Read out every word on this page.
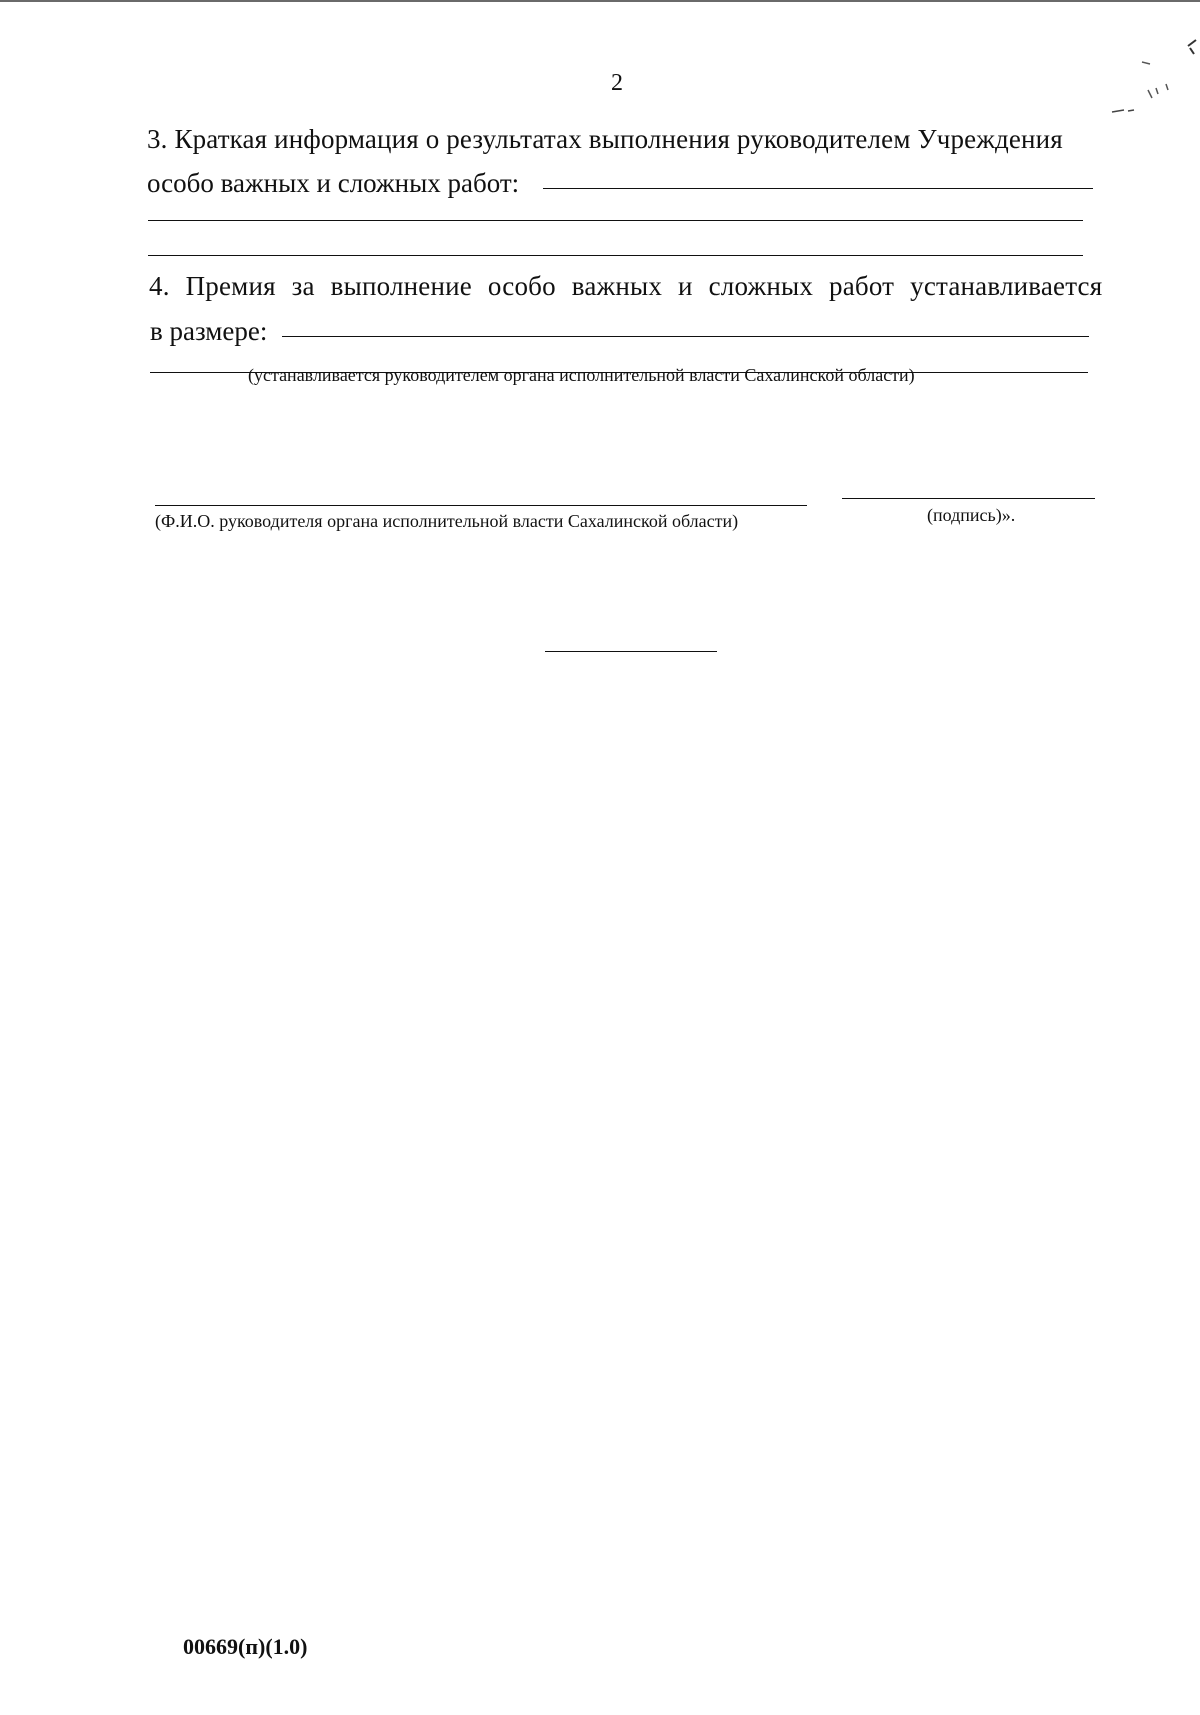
2
3. Краткая информация о результатах выполнения руководителем Учреждения
особо важных и сложных работ:
4. Премия за выполнение особо важных и сложных работ устанавливается
в размере:
(устанавливается руководителем органа исполнительной власти Сахалинской области)
(Ф.И.О. руководителя органа исполнительной власти Сахалинской области)	(подпись)».
00669(п)(1.0)
